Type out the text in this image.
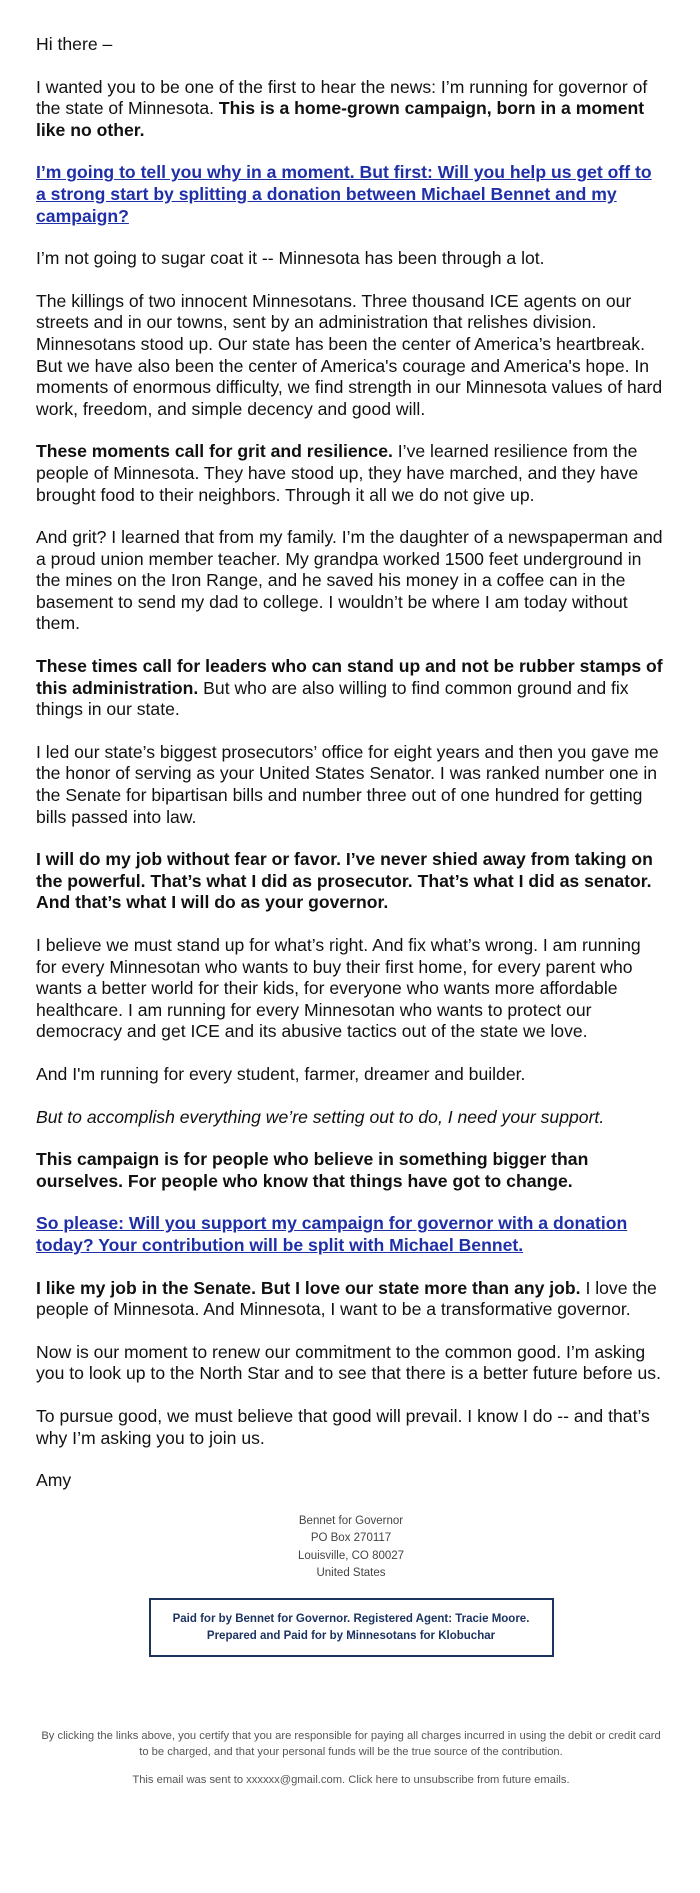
Hi there –

I wanted you to be one of the first to hear the news: I’m running for governor of the state of Minnesota. This is a home-grown campaign, born in a moment like no other.

I’m going to tell you why in a moment. But first: Will you help us get off to a strong start by splitting a donation between Michael Bennet and my campaign?

I’m not going to sugar coat it -- Minnesota has been through a lot.

The killings of two innocent Minnesotans. Three thousand ICE agents on our streets and in our towns, sent by an administration that relishes division. Minnesotans stood up. Our state has been the center of America’s heartbreak. But we have also been the center of America's courage and America's hope. In moments of enormous difficulty, we find strength in our Minnesota values of hard work, freedom, and simple decency and good will.

These moments call for grit and resilience. I’ve learned resilience from the people of Minnesota. They have stood up, they have marched, and they have brought food to their neighbors. Through it all we do not give up.

And grit? I learned that from my family. I’m the daughter of a newspaperman and a proud union member teacher. My grandpa worked 1500 feet underground in the mines on the Iron Range, and he saved his money in a coffee can in the basement to send my dad to college. I wouldn’t be where I am today without them.

These times call for leaders who can stand up and not be rubber stamps of this administration. But who are also willing to find common ground and fix things in our state.

I led our state’s biggest prosecutors’ office for eight years and then you gave me the honor of serving as your United States Senator. I was ranked number one in the Senate for bipartisan bills and number three out of one hundred for getting bills passed into law.

I will do my job without fear or favor. I’ve never shied away from taking on the powerful. That’s what I did as prosecutor. That’s what I did as senator. And that’s what I will do as your governor.

I believe we must stand up for what’s right. And fix what’s wrong. I am running for every Minnesotan who wants to buy their first home, for every parent who wants a better world for their kids, for everyone who wants more affordable healthcare. I am running for every Minnesotan who wants to protect our democracy and get ICE and its abusive tactics out of the state we love.

And I'm running for every student, farmer, dreamer and builder.

But to accomplish everything we’re setting out to do, I need your support.

This campaign is for people who believe in something bigger than ourselves. For people who know that things have got to change.

So please: Will you support my campaign for governor with a donation today? Your contribution will be split with Michael Bennet.

I like my job in the Senate. But I love our state more than any job. I love the people of Minnesota. And Minnesota, I want to be a transformative governor.

Now is our moment to renew our commitment to the common good. I’m asking you to look up to the North Star and to see that there is a better future before us.

To pursue good, we must believe that good will prevail. I know I do -- and that’s why I’m asking you to join us.

Amy

Bennet for Governor
PO Box 270117
Louisville, CO 80027
United States
Paid for by Bennet for Governor. Registered Agent: Tracie Moore.
Prepared and Paid for by Minnesotans for Klobuchar
By clicking the links above, you certify that you are responsible for paying all charges incurred in using the debit or credit card to be charged, and that your personal funds will be the true source of the contribution.
This email was sent to xxxxxx@gmail.com. Click here to unsubscribe from future emails.
